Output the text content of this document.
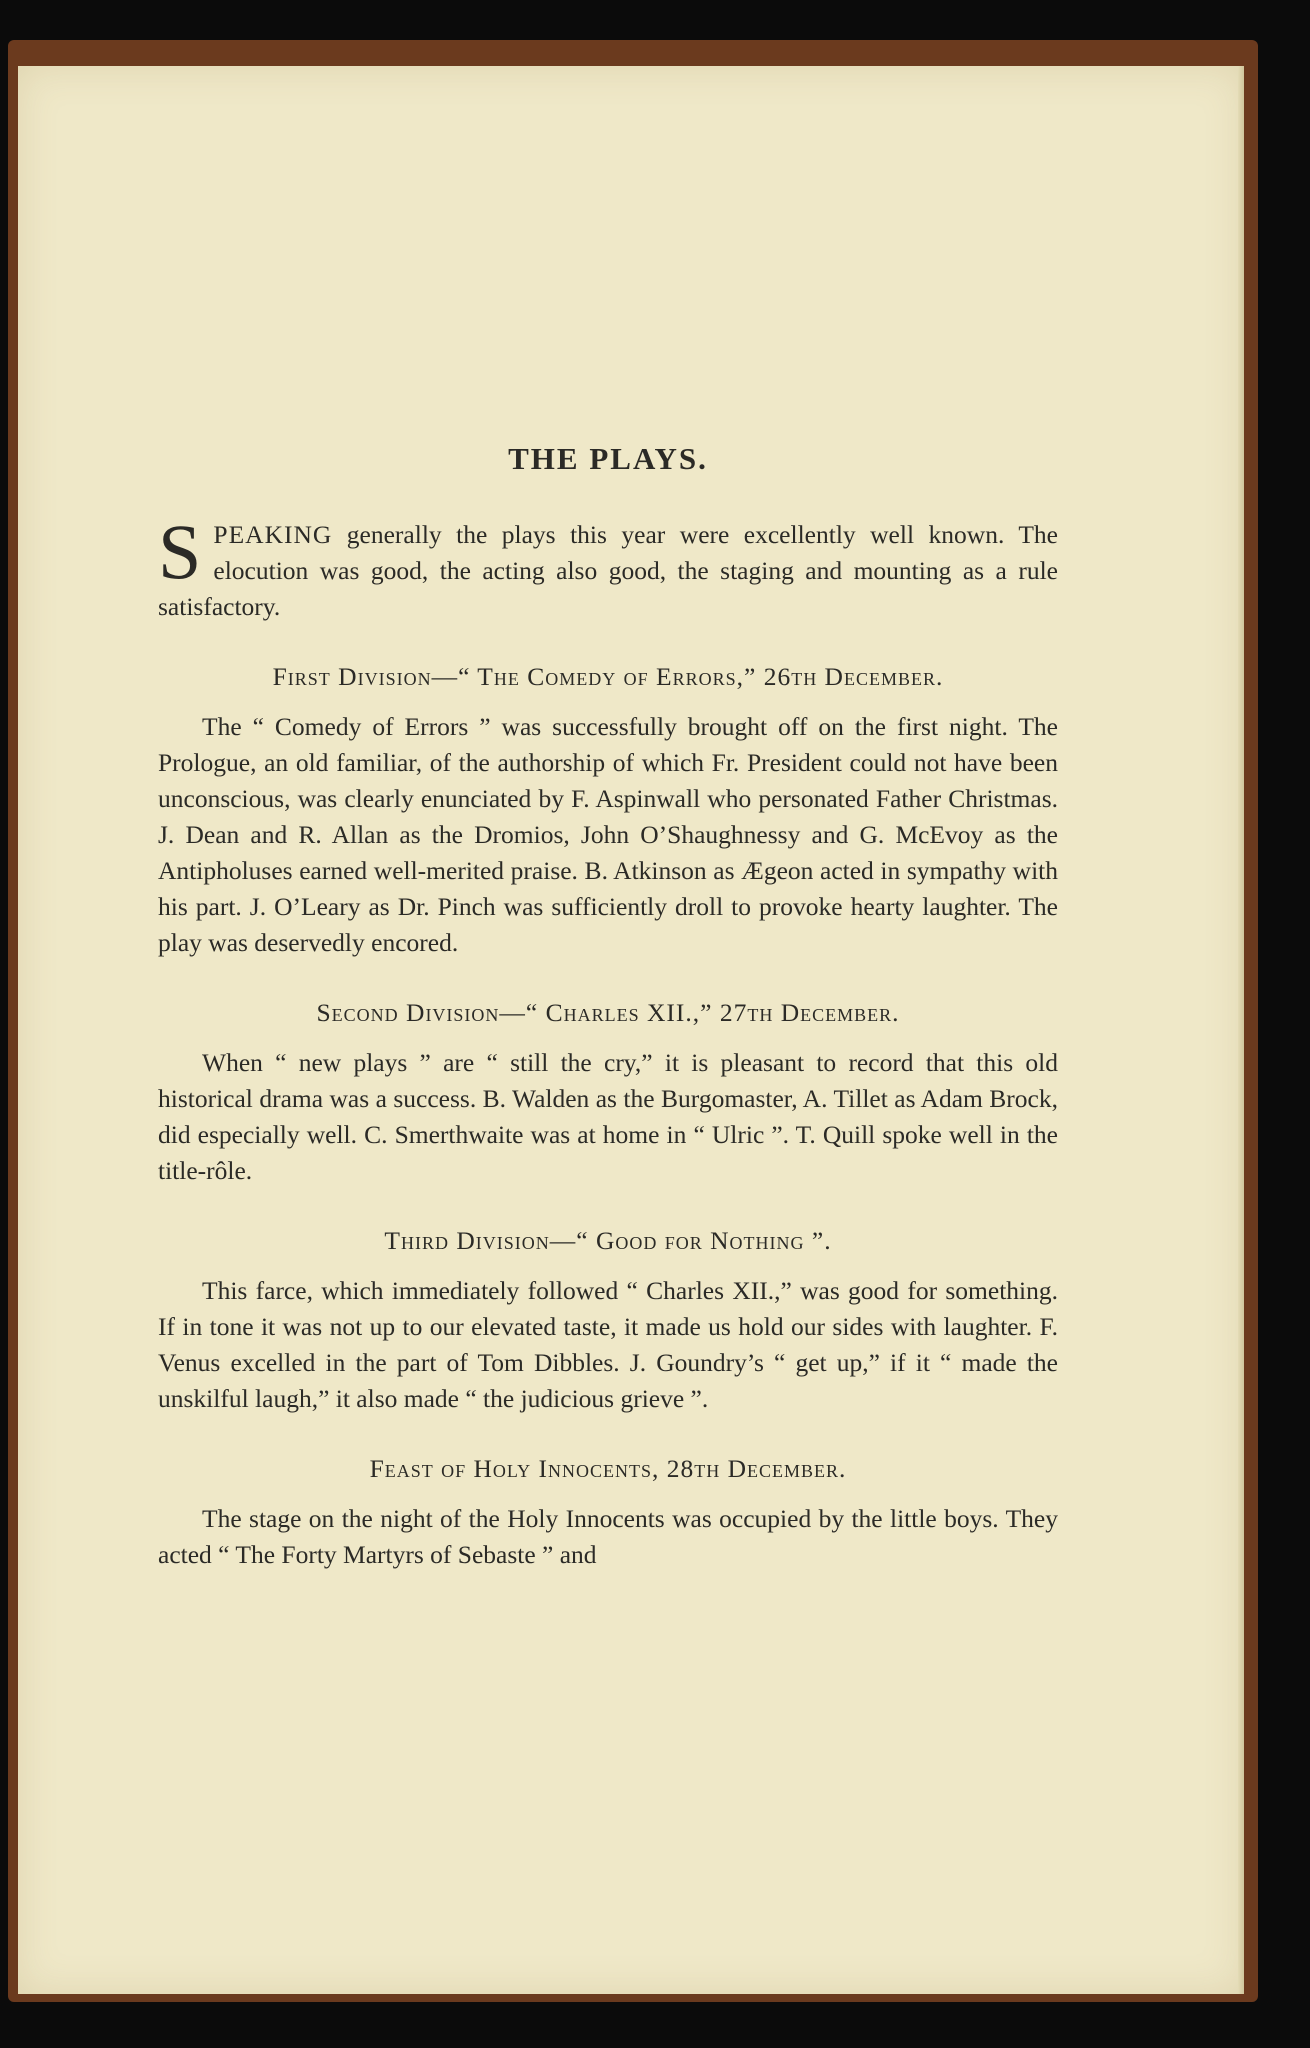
THE PLAYS.

SPEAKING generally the plays this year were excellently well known. The elocution was good, the acting also good, the staging and mounting as a rule satisfactory.

First Division—“ The Comedy of Errors,” 26th December.

The “ Comedy of Errors ” was successfully brought off on the first night. The Prologue, an old familiar, of the authorship of which Fr. President could not have been unconscious, was clearly enunciated by F. Aspinwall who personated Father Christmas. J. Dean and R. Allan as the Dromios, John O’Shaughnessy and G. McEvoy as the Antipholuses earned well-merited praise. B. Atkinson as Ægeon acted in sympathy with his part. J. O’Leary as Dr. Pinch was sufficiently droll to provoke hearty laughter. The play was deservedly encored.

Second Division—“ Charles XII.,” 27th December.

When “ new plays ” are “ still the cry,” it is pleasant to record that this old historical drama was a success. B. Walden as the Burgomaster, A. Tillet as Adam Brock, did especially well. C. Smerthwaite was at home in “ Ulric ”. T. Quill spoke well in the title-rôle.

Third Division—“ Good for Nothing ”.

This farce, which immediately followed “ Charles XII.,” was good for something. If in tone it was not up to our elevated taste, it made us hold our sides with laughter. F. Venus excelled in the part of Tom Dibbles. J. Goundry’s “ get up,” if it “ made the unskilful laugh,” it also made “ the judicious grieve ”.

Feast of Holy Innocents, 28th December.

The stage on the night of the Holy Innocents was occupied by the little boys. They acted “ The Forty Martyrs of Sebaste ” and
